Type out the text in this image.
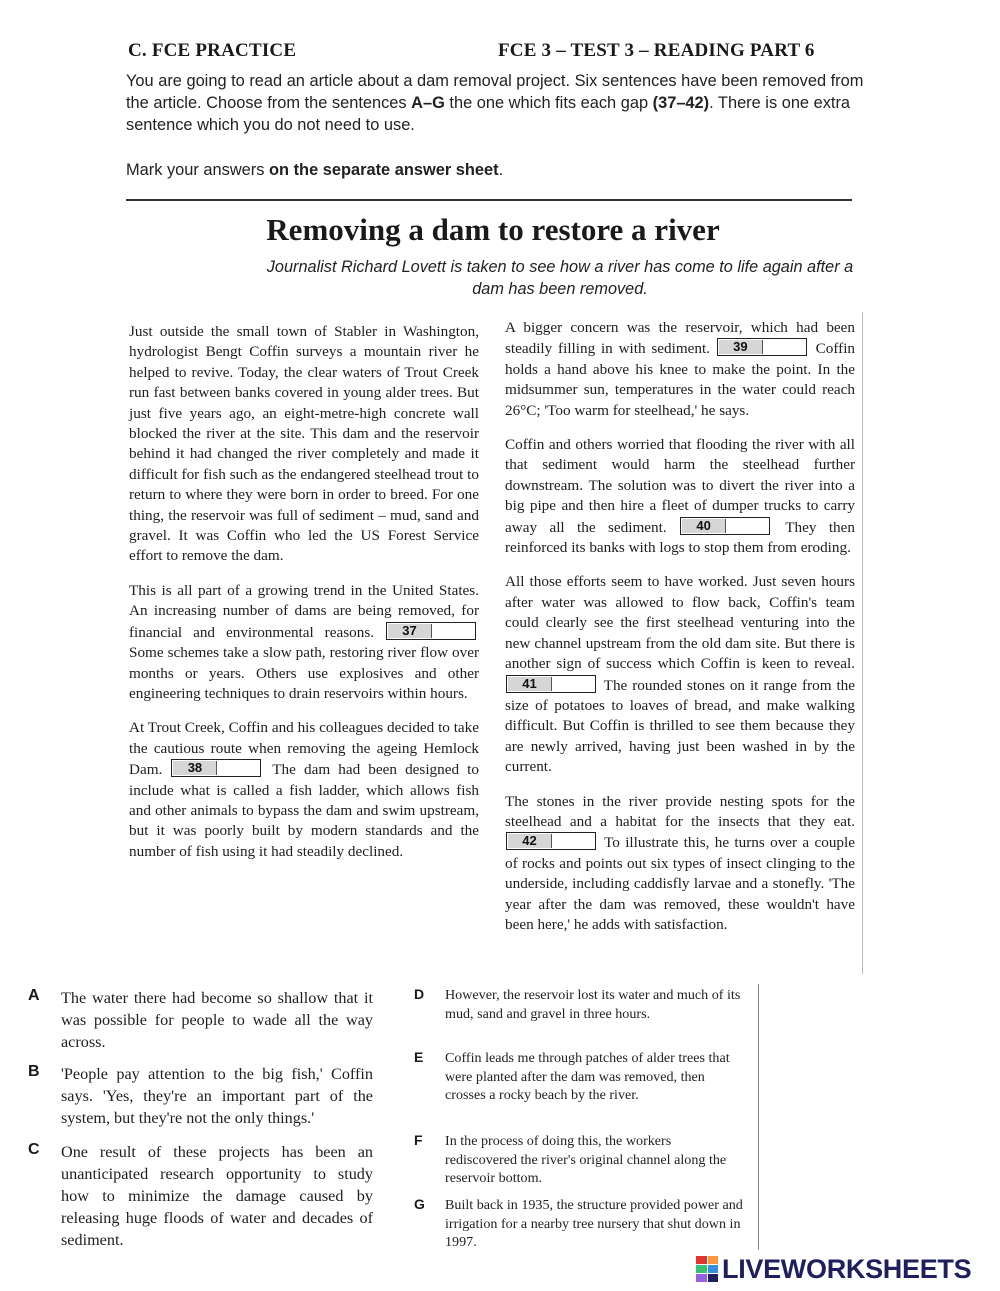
C. FCE PRACTICE	FCE 3 – TEST 3 – READING PART 6
You are going to read an article about a dam removal project. Six sentences have been removed from the article. Choose from the sentences A–G the one which fits each gap (37–42). There is one extra sentence which you do not need to use.
Mark your answers on the separate answer sheet.
Removing a dam to restore a river
Journalist Richard Lovett is taken to see how a river has come to life again after a dam has been removed.

Just outside the small town of Stabler in Washington, hydrologist Bengt Coffin surveys a mountain river he helped to revive. Today, the clear waters of Trout Creek run fast between banks covered in young alder trees. But just five years ago, an eight-metre-high concrete wall blocked the river at the site. This dam and the reservoir behind it had changed the river completely and made it difficult for fish such as the endangered steelhead trout to return to where they were born in order to breed. For one thing, the reservoir was full of sediment – mud, sand and gravel. It was Coffin who led the US Forest Service effort to remove the dam.

This is all part of a growing trend in the United States. An increasing number of dams are being removed, for financial and environmental reasons.	37
Some schemes take a slow path, restoring river flow over months or years. Others use explosives and other engineering techniques to drain reservoirs within hours.

At Trout Creek, Coffin and his colleagues decided to take the cautious route when removing the ageing Hemlock Dam.	38	The dam had been designed to include what is called a fish ladder, which allows fish and other animals to bypass the dam and swim upstream, but it was poorly built by modern standards and the number of fish using it had steadily declined.

A bigger concern was the reservoir, which had been steadily filling in with sediment.	39	Coffin holds a hand above his knee to make the point. In the midsummer sun, temperatures in the water could reach 26°C; 'Too warm for steelhead,' he says.

Coffin and others worried that flooding the river with all that sediment would harm the steelhead further downstream. The solution was to divert the river into a big pipe and then hire a fleet of dumper trucks to carry away all the sediment.	40	They then reinforced its banks with logs to stop them from eroding.

All those efforts seem to have worked. Just seven hours after water was allowed to flow back, Coffin's team could clearly see the first steelhead venturing into the new channel upstream from the old dam site. But there is another sign of success which Coffin is keen to reveal.
41	The rounded stones on it range from the size of potatoes to loaves of bread, and make walking difficult. But Coffin is thrilled to see them because they are newly arrived, having just been washed in by the current.

The stones in the river provide nesting spots for the steelhead and a habitat for the insects that they eat.
42	To illustrate this, he turns over a couple of rocks and points out six types of insect clinging to the underside, including caddisfly larvae and a stonefly. 'The year after the dam was removed, these wouldn't have been here,' he adds with satisfaction.

A The water there had become so shallow that it was possible for people to wade all the way across.
B 'People pay attention to the big fish,' Coffin says. 'Yes, they're an important part of the system, but they're not the only things.'
C One result of these projects has been an unanticipated research opportunity to study how to minimize the damage caused by releasing huge floods of water and decades of sediment.
D However, the reservoir lost its water and much of its mud, sand and gravel in three hours.
E Coffin leads me through patches of alder trees that were planted after the dam was removed, then crosses a rocky beach by the river.
F In the process of doing this, the workers rediscovered the river's original channel along the reservoir bottom.
G Built back in 1935, the structure provided power and irrigation for a nearby tree nursery that shut down in 1997.
LIVEWORKSHEETS
